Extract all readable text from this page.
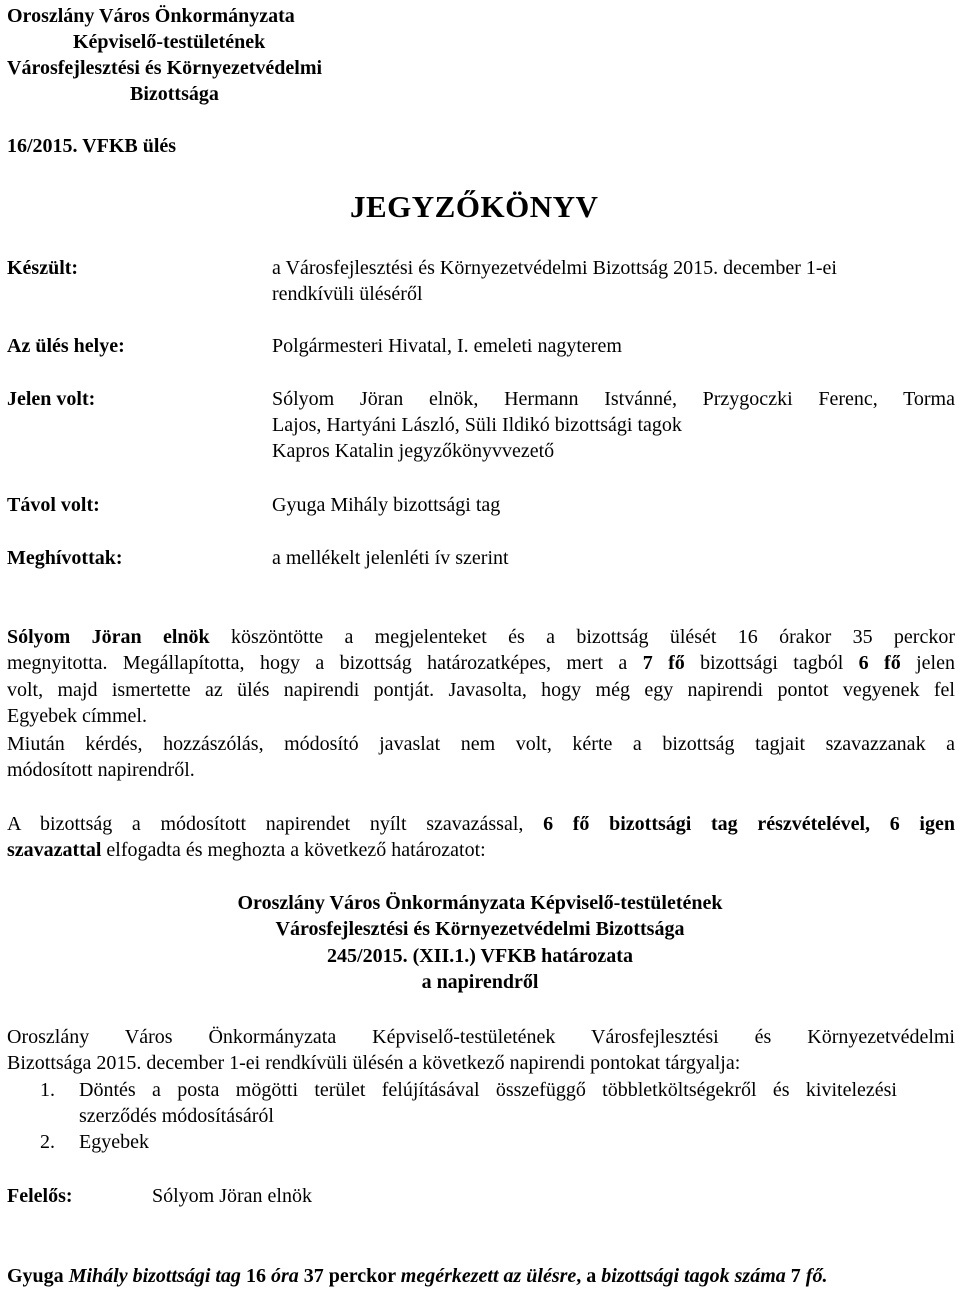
Oroszlány Város Önkormányzata
Képviselő-testületének
Városfejlesztési és Környezetvédelmi
Bizottsága
16/2015. VFKB ülés
JEGYZŐKÖNYV
Készült:	a Városfejlesztési és Környezetvédelmi Bizottság 2015. december 1-ei
rendkívüli üléséről
Az ülés helye:	Polgármesteri Hivatal, I. emeleti nagyterem
Jelen volt:	Sólyom Jöran elnök, Hermann Istvánné, Przygoczki Ferenc, Torma
Lajos, Hartyáni László, Süli Ildikó bizottsági tagok
Kapros Katalin jegyzőkönyvvezető
Távol volt:	Gyuga Mihály bizottsági tag
Meghívottak:	a mellékelt jelenléti ív szerint
Sólyom Jöran elnök köszöntötte a megjelenteket és a bizottság ülését 16 órakor 35 perckor
megnyitotta. Megállapította, hogy a bizottság határozatképes, mert a 7 fő bizottsági tagból 6 fő jelen
volt, majd ismertette az ülés napirendi pontját. Javasolta, hogy még egy napirendi pontot vegyenek fel
Egyebek címmel.
Miután kérdés, hozzászólás, módosító javaslat nem volt, kérte a bizottság tagjait szavazzanak a
módosított napirendről.
A bizottság a módosított napirendet nyílt szavazással, 6 fő bizottsági tag részvételével, 6 igen
szavazattal elfogadta és meghozta a következő határozatot:
Oroszlány Város Önkormányzata Képviselő-testületének
Városfejlesztési és Környezetvédelmi Bizottsága
245/2015. (XII.1.) VFKB határozata
a napirendről
Oroszlány Város Önkormányzata Képviselő-testületének Városfejlesztési és Környezetvédelmi
Bizottsága 2015. december 1-ei rendkívüli ülésén a következő napirendi pontokat tárgyalja:
1. Döntés a posta mögötti terület felújításával összefüggő többletköltségekről és kivitelezési
szerződés módosításáról
2. Egyebek
Felelős:	Sólyom Jöran elnök
Gyuga Mihály bizottsági tag 16 óra 37 perckor megérkezett az ülésre, a bizottsági tagok száma 7 fő.
